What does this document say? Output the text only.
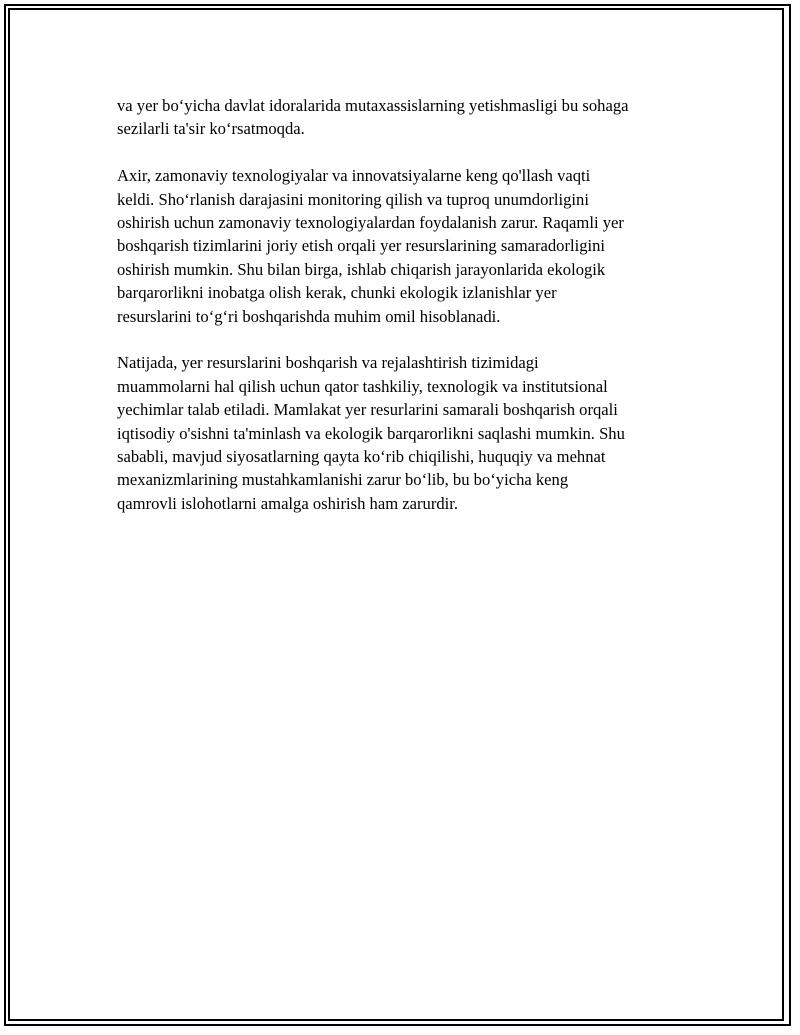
va yer bo‘yicha davlat idoralarida mutaxassislarning yetishmasligi bu sohaga
sezilarli ta'sir ko‘rsatmoqda.

Axir, zamonaviy texnologiyalar va innovatsiyalarne keng qo'llash vaqti
keldi. Sho‘rlanish darajasini monitoring qilish va tuproq unumdorligini
oshirish uchun zamonaviy texnologiyalardan foydalanish zarur. Raqamli yer
boshqarish tizimlarini joriy etish orqali yer resurslarining samaradorligini
oshirish mumkin. Shu bilan birga, ishlab chiqarish jarayonlarida ekologik
barqarorlikni inobatga olish kerak, chunki ekologik izlanishlar yer
resurslarini to‘g‘ri boshqarishda muhim omil hisoblanadi.

Natijada, yer resurslarini boshqarish va rejalashtirish tizimidagi
muammolarni hal qilish uchun qator tashkiliy, texnologik va institutsional
yechimlar talab etiladi. Mamlakat yer resurlarini samarali boshqarish orqali
iqtisodiy o'sishni ta'minlash va ekologik barqarorlikni saqlashi mumkin. Shu
sababli, mavjud siyosatlarning qayta ko‘rib chiqilishi, huquqiy va mehnat
mexanizmlarining mustahkamlanishi zarur bo‘lib, bu bo‘yicha keng
qamrovli islohotlarni amalga oshirish ham zarurdir.
